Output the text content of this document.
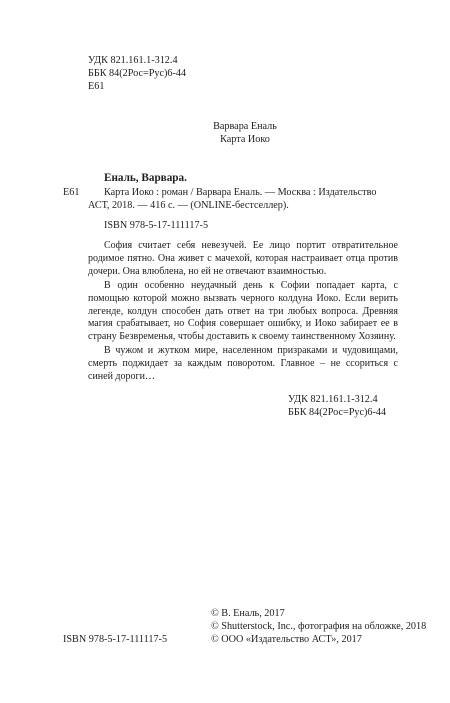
УДК 821.161.1-312.4
ББК 84(2Рос=Рус)6-44
Е61
Варвара Еналь
Карта Иоко
Еналь, Варвара.
Е61 Карта Иоко : роман / Варвара Еналь. — Москва : Издательство
АСТ, 2018. — 416 с. — (ONLINE-бестселлер).
ISBN 978-5-17-111117-5

София считает себя невезучей. Ее лицо портит отвратительное родимое пятно. Она живет с мачехой, которая настраивает отца против дочери. Она влюблена, но ей не отвечают взаимностью.

В один особенно неудачный день к Софии попадает карта, с помощью которой можно вызвать черного колдуна Иоко. Если верить легенде, колдун способен дать ответ на три любых вопроса. Древняя магия срабатывает, но София совершает ошибку, и Иоко забирает ее в страну Безвременья, чтобы доставить к своему таинственному Хозяину.

В чужом и жутком мире, населенном призраками и чудовищами, смерть поджидает за каждым поворотом. Главное – не ссориться с синей дороги…

УДК 821.161.1-312.4
ББК 84(2Рос=Рус)6-44
ISBN 978-5-17-111117-5
© В. Еналь, 2017
© Shutterstock, Inc., фотография на обложке, 2018
© ООО «Издательство АСТ», 2017
